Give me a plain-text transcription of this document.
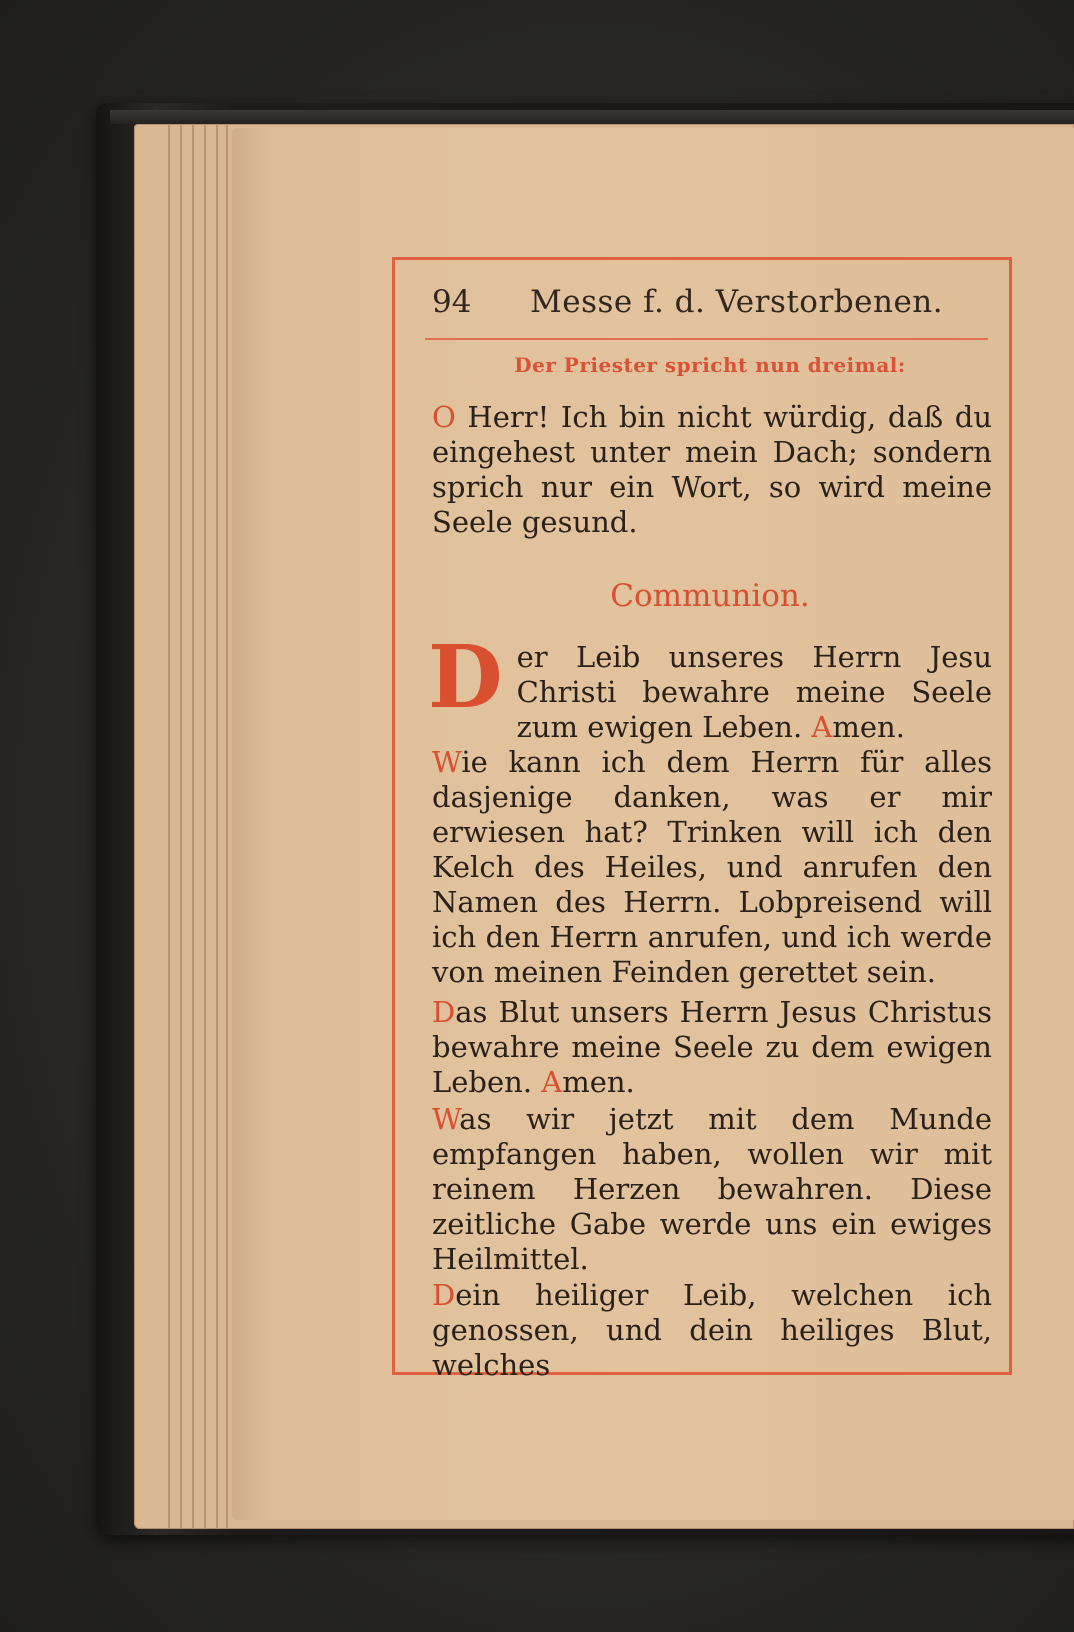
94 Messe f. d. Verstorbenen.
Der Priester spricht nun dreimal:
O Herr! Ich bin nicht würdig, daß du eingehest unter mein Dach; sondern sprich nur ein Wort, so wird meine Seele gesund.
Communion.
Der Leib unseres Herrn Jesu Christi bewahre meine Seele zum ewigen Leben. Amen.
Wie kann ich dem Herrn für alles dasjenige danken, was er mir erwiesen hat? Trinken will ich den Kelch des Heiles, und anrufen den Namen des Herrn. Lobpreisend will ich den Herrn anrufen, und ich werde von meinen Feinden gerettet sein.
Das Blut unsers Herrn Jesus Christus bewahre meine Seele zu dem ewigen Leben. Amen.
Was wir jetzt mit dem Munde empfangen haben, wollen wir mit reinem Herzen bewahren. Diese zeitliche Gabe werde uns ein ewiges Heilmittel.
Dein heiliger Leib, welchen ich genossen, und dein heiliges Blut, welches
